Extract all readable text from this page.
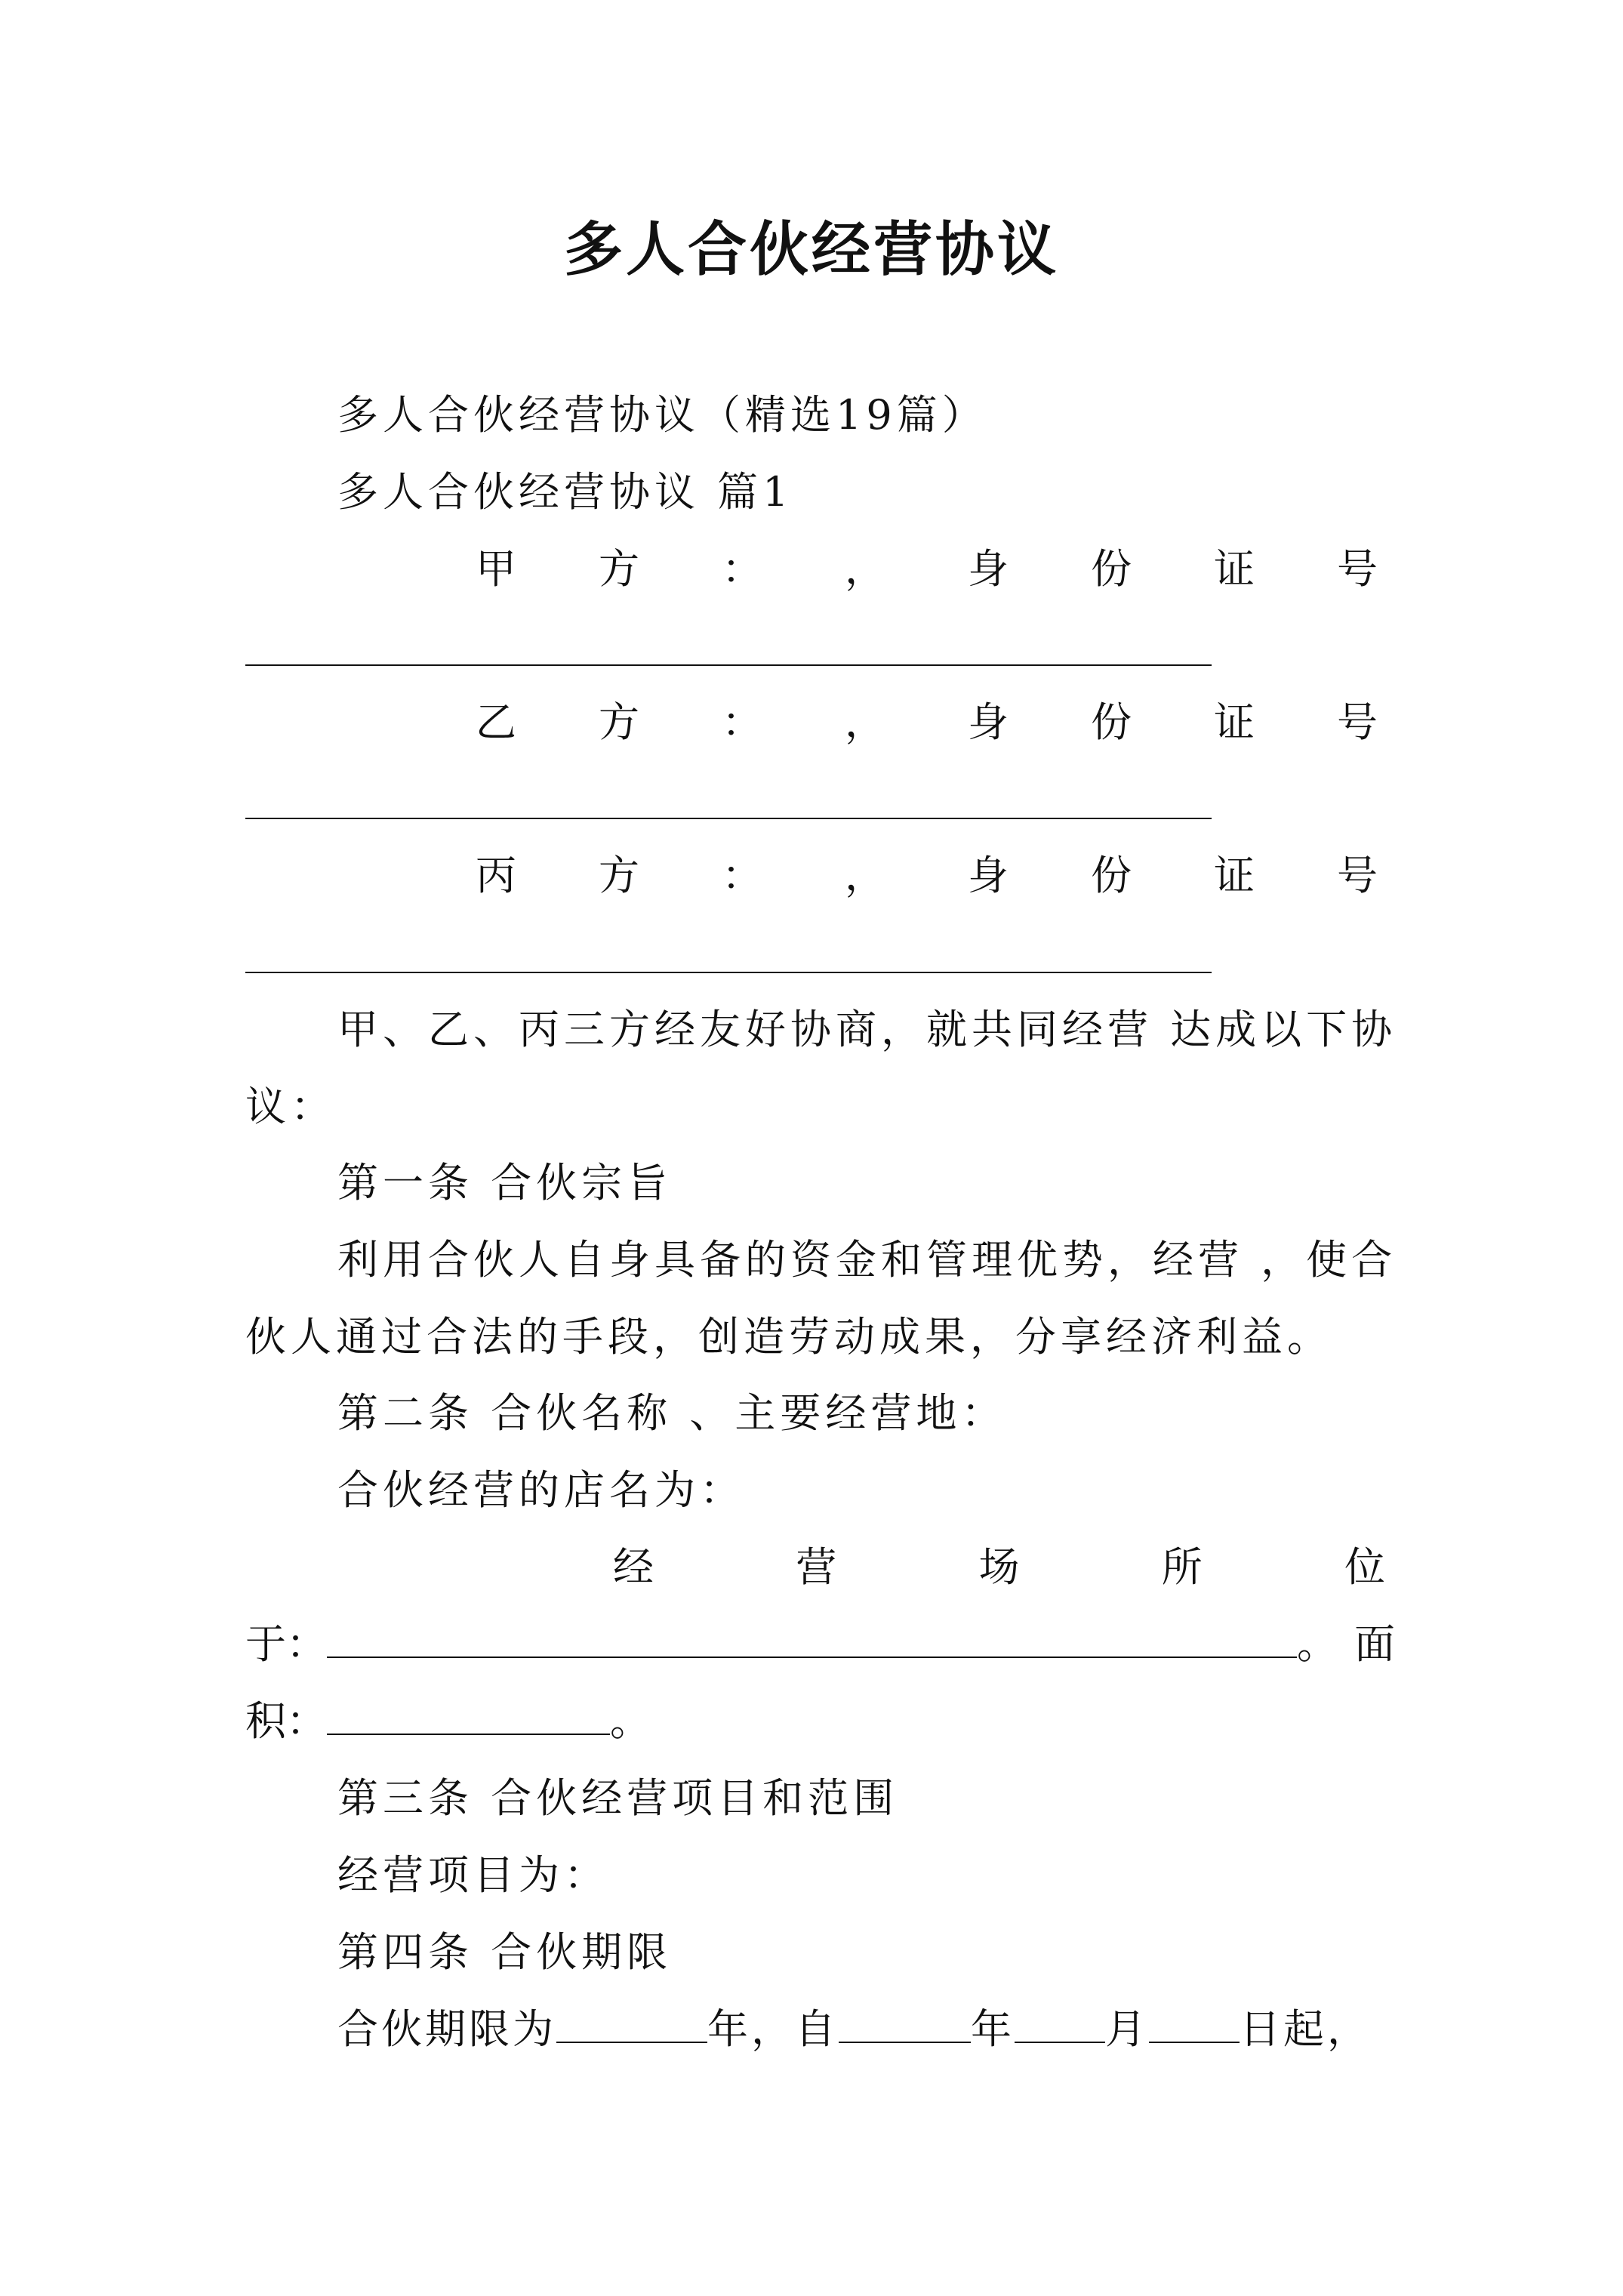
多人合伙经营协议
多人合伙经营协议（精选19篇）
多人合伙经营协议 篇1
甲 方 ： ， 身 份 证 号
乙 方 ： ， 身 份 证 号
丙 方 ： ， 身 份 证 号
甲、乙、丙三方经友好协商，就共同经营 达成以下协
议：
第一条 合伙宗旨
利用合伙人自身具备的资金和管理优势，经营 ，使合
伙人通过合法的手段，创造劳动成果，分享经济利益。
第二条 合伙名称 、主要经营地：
合伙经营的店名为：
经	营	场	所	位
于：	。面
积：	。
第三条 合伙经营项目和范围
经营项目为：
第四条 合伙期限
合伙期限为	年，自	年 月 日起，
